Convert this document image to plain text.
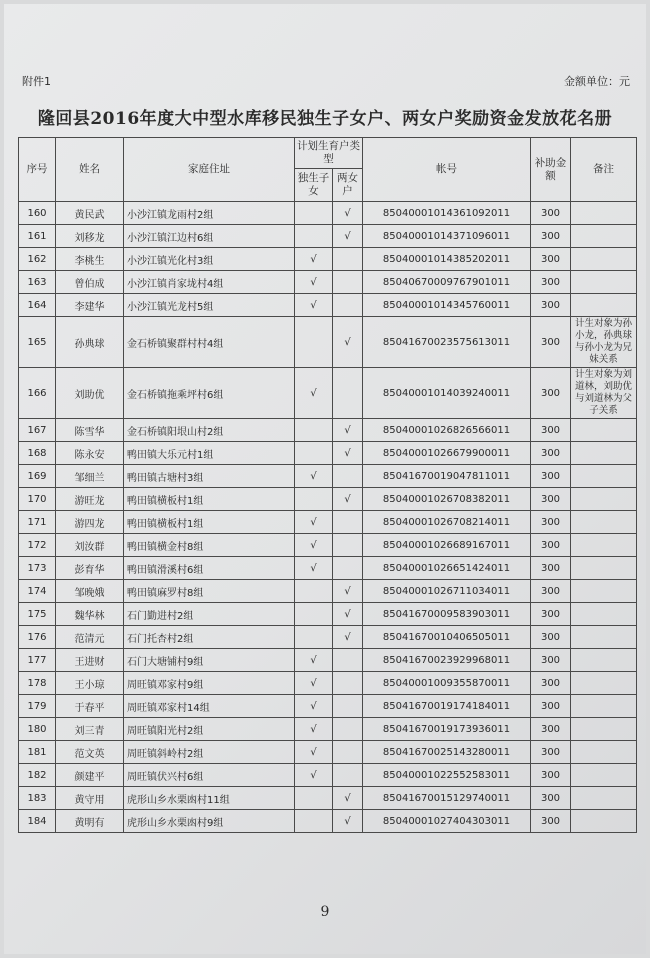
附件1	金额单位：元
隆回县2016年度大中型水库移民独生子女户、两女户奖励资金发放花名册
序号	姓名	家庭住址	计划生育户类型		帐号	补助金额	备注
			独生子女	两女户			
160	黄民武	小沙江镇龙雨村2组		√	85040001014361092011	300	
161	刘移龙	小沙江镇江边村6组		√	85040001014371096011	300	
162	李桃生	小沙江镇光化村3组	√		85040001014385202011	300	
163	曾伯成	小沙江镇肖家垅村4组	√		85040670009767901011	300	
164	李建华	小沙江镇光龙村5组	√		85040001014345760011	300	
165	孙典球	金石桥镇聚群村村4组		√	85041670023575613011	300	计生对象为孙小龙，孙典球与孙小龙为兄妹关系
166	刘助优	金石桥镇拖乘坪村6组	√		85040001014039240011	300	计生对象为刘道林，刘助优与刘道林为父子关系
167	陈雪华	金石桥镇阳垠山村2组		√	85040001026826566011	300	
168	陈永安	鸭田镇大乐元村1组		√	85040001026679900011	300	
169	邹细兰	鸭田镇古塘村3组	√		85041670019047811011	300	
170	游旺龙	鸭田镇横板村1组		√	85040001026708382011	300	
171	游四龙	鸭田镇横板村1组	√		85040001026708214011	300	
172	刘汝群	鸭田镇横金村8组	√		85040001026689167011	300	
173	彭育华	鸭田镇滑溪村6组	√		85040001026651424011	300	
174	邹晚娥	鸭田镇麻罗村8组		√	85040001026711034011	300	
175	魏华林	石门勤进村2组		√	85041670009583903011	300	
176	范清元	石门托杏村2组		√	85041670010406505011	300	
177	王进财	石门大塘铺村9组	√		85041670023929968011	300	
178	王小琼	周旺镇邓家村9组	√		85040001009355870011	300	
179	于春平	周旺镇邓家村14组	√		85041670019174184011	300	
180	刘三青	周旺镇阳光村2组	√		85041670019173936011	300	
181	范文英	周旺镇斜岭村2组	√		85041670025143280011	300	
182	颜建平	周旺镇伏兴村6组	√		85040001022552583011	300	
183	黄守用	虎形山乡水栗凼村11组		√	85041670015129740011	300	
184	黄明有	虎形山乡水栗凼村9组		√	85040001027404303011	300	
9
